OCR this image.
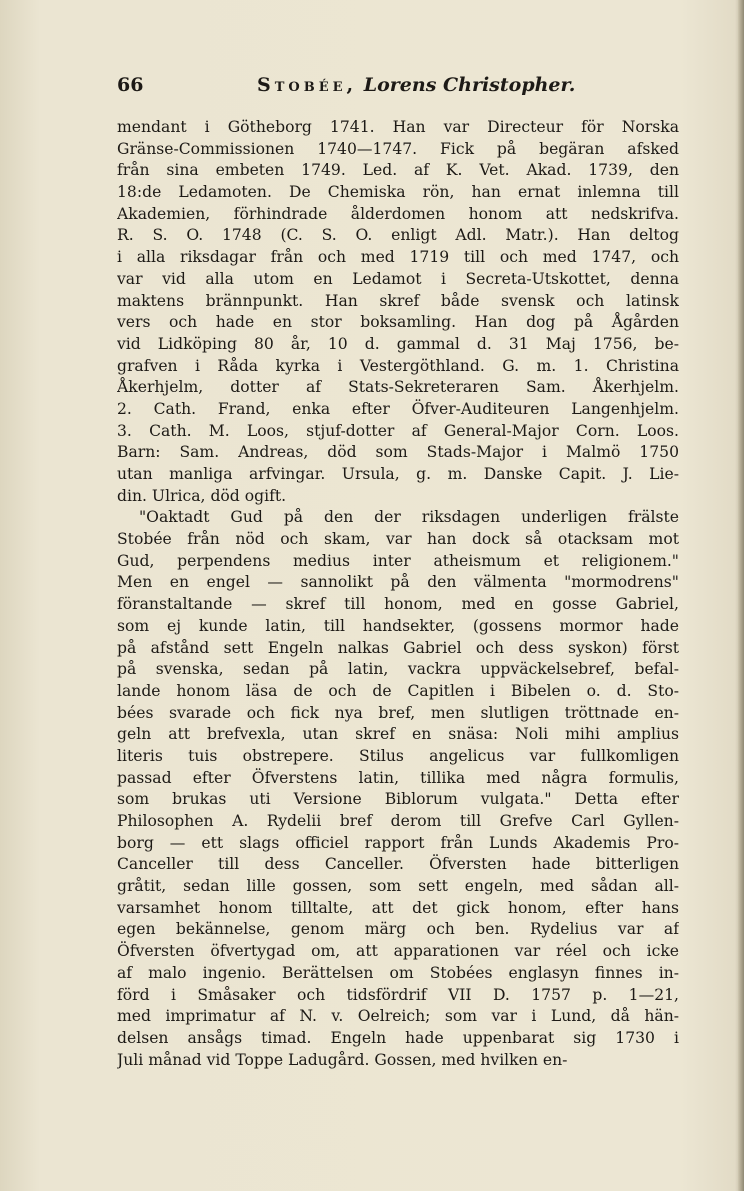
66	Stobée, Lorens Christopher.
mendant i Götheborg 1741. Han var Directeur för Norska
Gränse-Commissionen 1740—1747. Fick på begäran afsked
från sina embeten 1749. Led. af K. Vet. Akad. 1739, den
18:de Ledamoten. De Chemiska rön, han ernat inlemna till
Akademien, förhindrade ålderdomen honom att nedskrifva.
R. S. O. 1748 (C. S. O. enligt Adl. Matr.). Han deltog
i alla riksdagar från och med 1719 till och med 1747, och
var vid alla utom en Ledamot i Secreta-Utskottet, denna
maktens brännpunkt. Han skref både svensk och latinsk
vers och hade en stor boksamling. Han dog på Ågården
vid Lidköping 80 år, 10 d. gammal d. 31 Maj 1756, be-
grafven i Råda kyrka i Vestergöthland. G. m. 1. Christina
Åkerhjelm, dotter af Stats-Sekreteraren Sam. Åkerhjelm.
2. Cath. Frand, enka efter Öfver-Auditeuren Langenhjelm.
3. Cath. M. Loos, stjuf-dotter af General-Major Corn. Loos.
Barn: Sam. Andreas, död som Stads-Major i Malmö 1750
utan manliga arfvingar. Ursula, g. m. Danske Capit. J. Lie-
din. Ulrica, död ogift.
"Oaktadt Gud på den der riksdagen underligen frälste
Stobée från nöd och skam, var han dock så otacksam mot
Gud, perpendens medius inter atheismum et religionem."
Men en engel — sannolikt på den välmenta "mormodrens"
föranstaltande — skref till honom, med en gosse Gabriel,
som ej kunde latin, till handsekter, (gossens mormor hade
på afstånd sett Engeln nalkas Gabriel och dess syskon) först
på svenska, sedan på latin, vackra uppväckelsebref, befal-
lande honom läsa de och de Capitlen i Bibelen o. d. Sto-
bées svarade och fick nya bref, men slutligen tröttnade en-
geln att brefvexla, utan skref en snäsa: Noli mihi amplius
literis tuis obstrepere. Stilus angelicus var fullkomligen
passad efter Öfverstens latin, tillika med några formulis,
som brukas uti Versione Biblorum vulgata." Detta efter
Philosophen A. Rydelii bref derom till Grefve Carl Gyllen-
borg — ett slags officiel rapport från Lunds Akademis Pro-
Canceller till dess Canceller. Öfversten hade bitterligen
gråtit, sedan lille gossen, som sett engeln, med sådan all-
varsamhet honom tilltalte, att det gick honom, efter hans
egen bekännelse, genom märg och ben. Rydelius var af
Öfversten öfvertygad om, att apparationen var réel och icke
af malo ingenio. Berättelsen om Stobées englasyn finnes in-
förd i Småsaker och tidsfördrif VII D. 1757 p. 1—21,
med imprimatur af N. v. Oelreich; som var i Lund, då hän-
delsen ansågs timad. Engeln hade uppenbarat sig 1730 i
Juli månad vid Toppe Ladugård. Gossen, med hvilken en-
